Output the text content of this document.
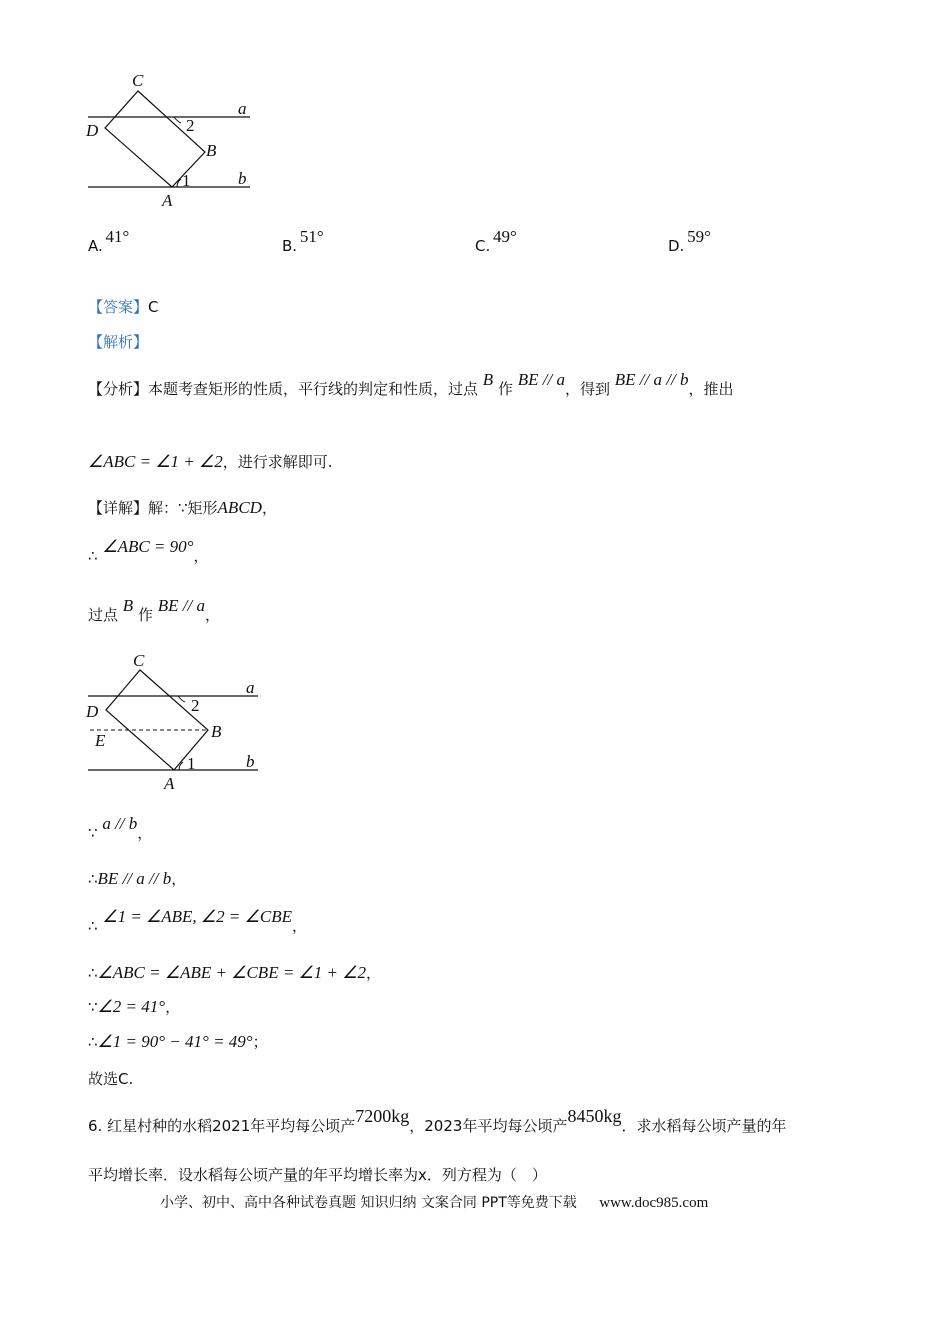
C
D
B
A
a
b
2
1
A. 41°	B. 51°	C. 49°	D. 59°
【答案】C
【解析】
【分析】本题考查矩形的性质，平行线的判定和性质，过点 B 作 BE // a，得到 BE // a // b，推出
∠ABC = ∠1 + ∠2，进行求解即可.
【详解】解：∵矩形ABCD，
∴ ∠ABC = 90°，
过点 B 作 BE // a，
C
D
E	B
A
a
b
2
1
∵ a // b，
∴BE // a // b，
∴ ∠1 = ∠ABE, ∠2 = ∠CBE，
∴∠ABC = ∠ABE + ∠CBE = ∠1 + ∠2，
∵∠2 = 41°，
∴∠1 = 90° − 41° = 49°；
故选C.
6. 红星村种的水稻2021年平均每公顷产7200kg，2023年平均每公顷产8450kg．求水稻每公顷产量的年
平均增长率．设水稻每公顷产量的年平均增长率为x．列方程为（　）
小学、初中、高中各种试卷真题 知识归纳 文案合同 PPT等免费下载 www.doc985.com
